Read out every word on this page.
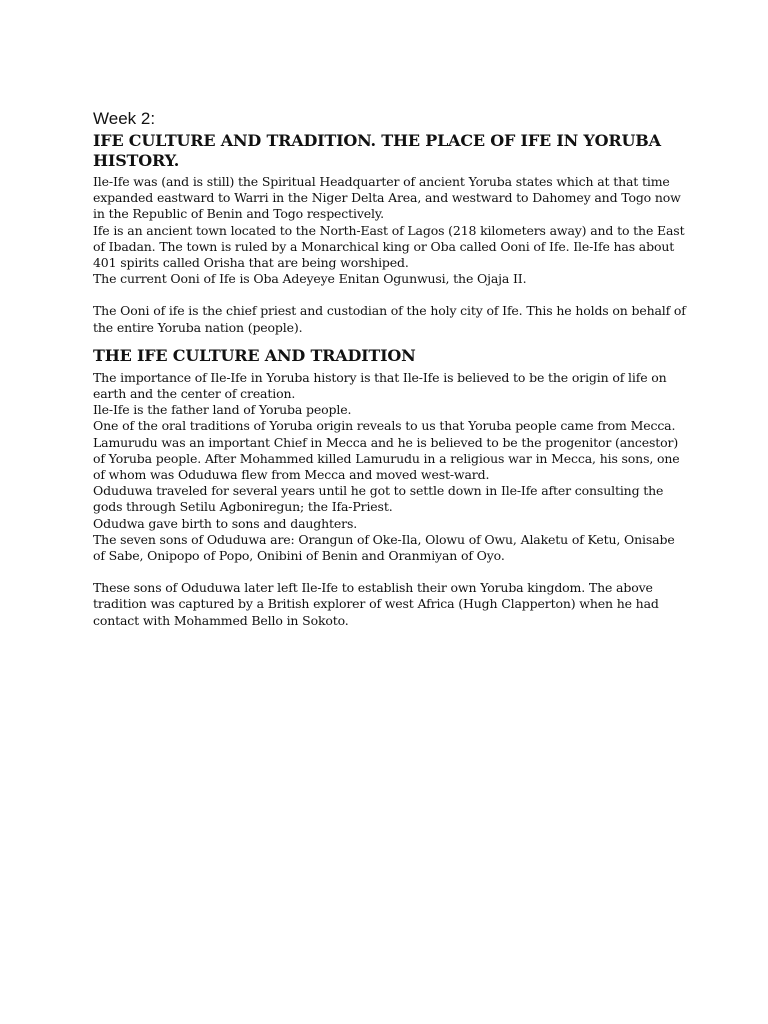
Week 2:

IFE CULTURE AND TRADITION. THE PLACE OF IFE IN YORUBA HISTORY.

Ile-Ife was (and is still) the Spiritual Headquarter of ancient Yoruba states which at that time expanded eastward to Warri in the Niger Delta Area, and westward to Dahomey and Togo now in the Republic of Benin and Togo respectively.

Ife is an ancient town located to the North-East of Lagos (218 kilometers away) and to the East of Ibadan. The town is ruled by a Monarchical king or Oba called Ooni of Ife. Ile-Ife has about 401 spirits called Orisha that are being worshiped.

The current Ooni of Ife is Oba Adeyeye Enitan Ogunwusi, the Ojaja II.

The Ooni of ife is the chief priest and custodian of the holy city of Ife. This he holds on behalf of the entire Yoruba nation (people).

THE IFE CULTURE AND TRADITION

The importance of Ile-Ife in Yoruba history is that Ile-Ife is believed to be the origin of life on earth and the center of creation.

Ile-Ife is the father land of Yoruba people.

One of the oral traditions of Yoruba origin reveals to us that Yoruba people came from Mecca.

Lamurudu was an important Chief in Mecca and he is believed to be the progenitor (ancestor) of Yoruba people. After Mohammed killed Lamurudu in a religious war in Mecca, his sons, one of whom was Oduduwa flew from Mecca and moved west-ward.

Oduduwa traveled for several years until he got to settle down in Ile-Ife after consulting the gods through Setilu Agboniregun; the Ifa-Priest.

Odudwa gave birth to sons and daughters.

The seven sons of Oduduwa are: Orangun of Oke-Ila, Olowu of Owu, Alaketu of Ketu, Onisabe of Sabe, Onipopo of Popo, Onibini of Benin and Oranmiyan of Oyo.

These sons of Oduduwa later left Ile-Ife to establish their own Yoruba kingdom. The above tradition was captured by a British explorer of west Africa (Hugh Clapperton) when he had contact with Mohammed Bello in Sokoto.
